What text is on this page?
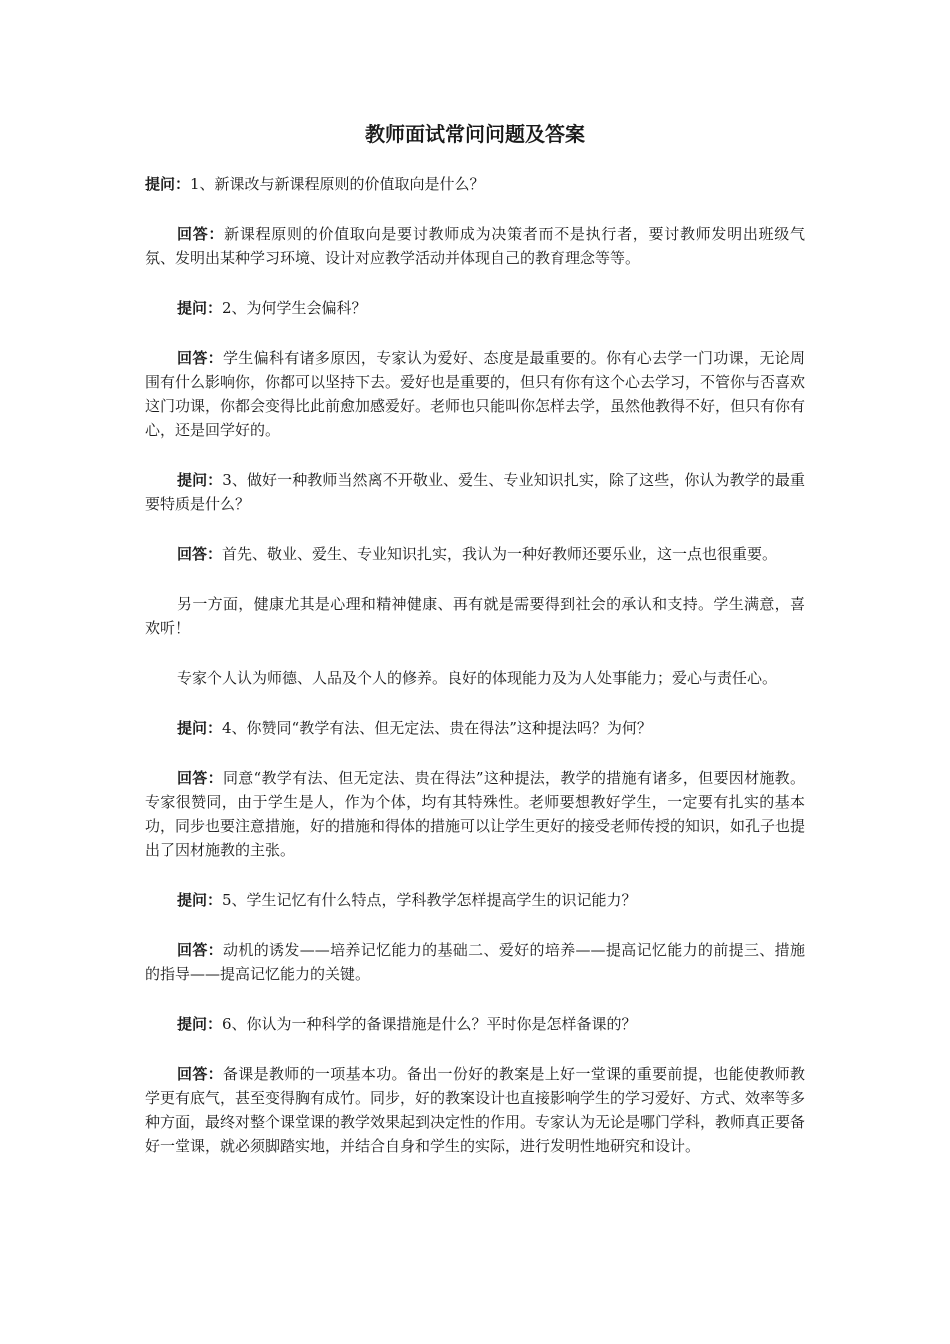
教师面试常问问题及答案

提问：1、新课改与新课程原则的价值取向是什么？

回答：新课程原则的价值取向是要讨教师成为决策者而不是执行者，要讨教师发明出班级气氛、发明出某种学习环境、设计对应教学活动并体现自己的教育理念等等。

提问：2、为何学生会偏科？

回答：学生偏科有诸多原因，专家认为爱好、态度是最重要的。你有心去学一门功课，无论周围有什么影响你，你都可以坚持下去。爱好也是重要的，但只有你有这个心去学习，不管你与否喜欢这门功课，你都会变得比此前愈加感爱好。老师也只能叫你怎样去学，虽然他教得不好，但只有你有心，还是回学好的。

提问：3、做好一种教师当然离不开敬业、爱生、专业知识扎实，除了这些，你认为教学的最重要特质是什么？

回答：首先、敬业、爱生、专业知识扎实，我认为一种好教师还要乐业，这一点也很重要。

另一方面，健康尤其是心理和精神健康、再有就是需要得到社会的承认和支持。学生满意，喜欢听！

专家个人认为师德、人品及个人的修养。良好的体现能力及为人处事能力；爱心与责任心。

提问：4、你赞同“教学有法、但无定法、贵在得法”这种提法吗？为何？

回答：同意“教学有法、但无定法、贵在得法”这种提法，教学的措施有诸多，但要因材施教。专家很赞同，由于学生是人，作为个体，均有其特殊性。老师要想教好学生，一定要有扎实的基本功，同步也要注意措施，好的措施和得体的措施可以让学生更好的接受老师传授的知识，如孔子也提出了因材施教的主张。

提问：5、学生记忆有什么特点，学科教学怎样提高学生的识记能力？

回答：动机的诱发——培养记忆能力的基础二、爱好的培养——提高记忆能力的前提三、措施的指导——提高记忆能力的关键。

提问：6、你认为一种科学的备课措施是什么？平时你是怎样备课的？

回答：备课是教师的一项基本功。备出一份好的教案是上好一堂课的重要前提，也能使教师教学更有底气，甚至变得胸有成竹。同步，好的教案设计也直接影响学生的学习爱好、方式、效率等多种方面，最终对整个课堂课的教学效果起到决定性的作用。专家认为无论是哪门学科，教师真正要备好一堂课，就必须脚踏实地，并结合自身和学生的实际，进行发明性地研究和设计。
